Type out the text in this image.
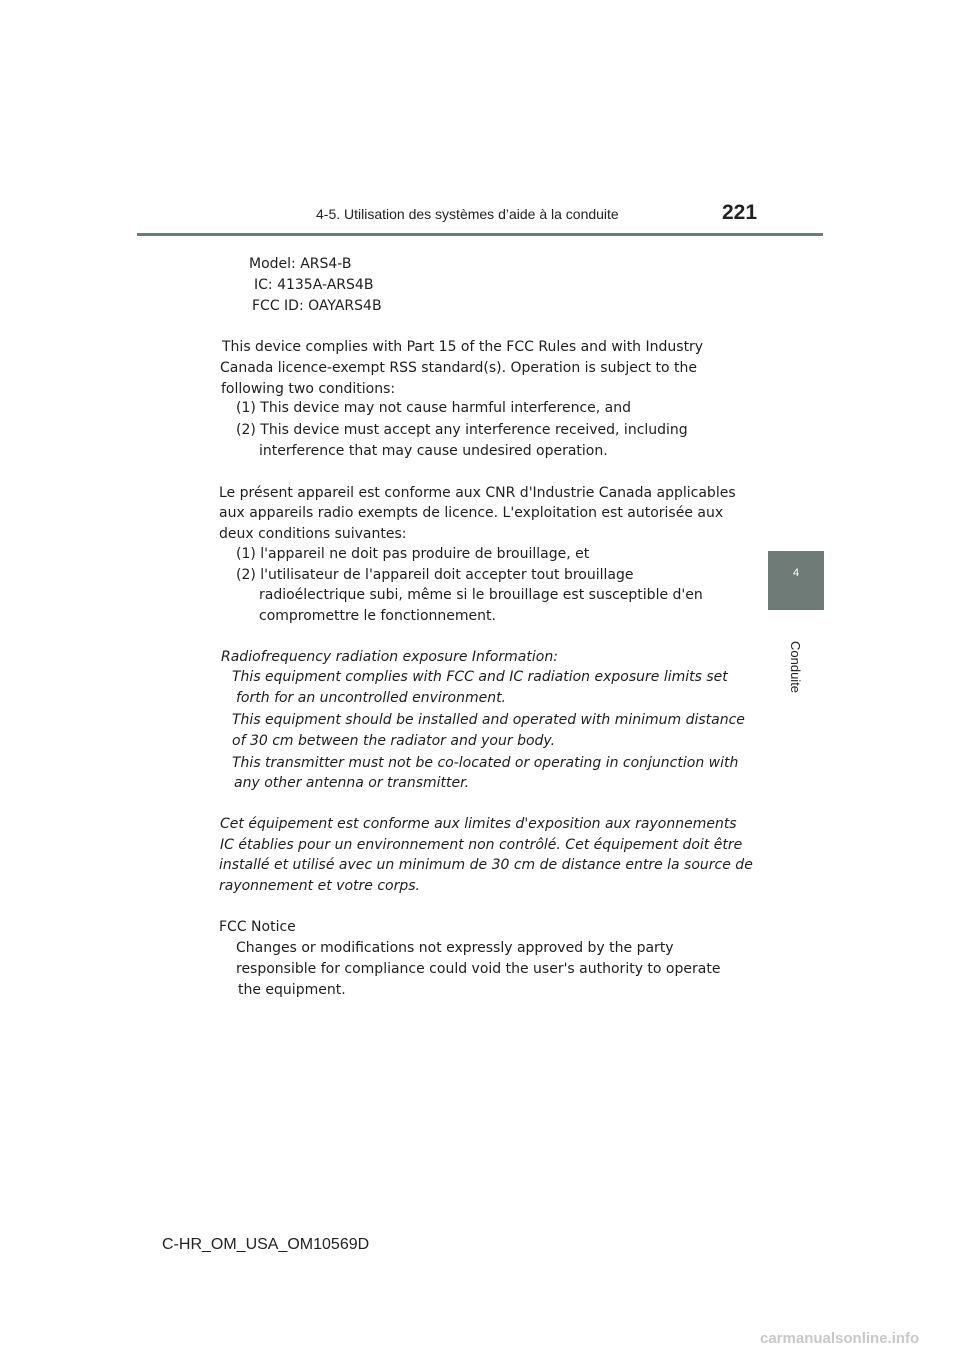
4-5. Utilisation des systèmes d’aide à la conduite	221
4
Conduite
Model: ARS4-B
IC: 4135A-ARS4B
FCC ID: OAYARS4B
This device complies with Part 15 of the FCC Rules and with Industry
Canada licence-exempt RSS standard(s). Operation is subject to the
following two conditions:
(1) This device may not cause harmful interference, and
(2) This device must accept any interference received, including
interference that may cause undesired operation.
Le présent appareil est conforme aux CNR d'Industrie Canada applicables
aux appareils radio exempts de licence. L'exploitation est autorisée aux
deux conditions suivantes:
(1) l'appareil ne doit pas produire de brouillage, et
(2) l'utilisateur de l'appareil doit accepter tout brouillage
radioélectrique subi, même si le brouillage est susceptible d'en
compromettre le fonctionnement.
Radiofrequency radiation exposure Information:
This equipment complies with FCC and IC radiation exposure limits set
forth for an uncontrolled environment.
This equipment should be installed and operated with minimum distance
of 30 cm between the radiator and your body.
This transmitter must not be co-located or operating in conjunction with
any other antenna or transmitter.
Cet équipement est conforme aux limites d'exposition aux rayonnements
IC établies pour un environnement non contrôlé. Cet équipement doit être
installé et utilisé avec un minimum de 30 cm de distance entre la source de
rayonnement et votre corps.
FCC Notice
Changes or modifications not expressly approved by the party
responsible for compliance could void the user's authority to operate
the equipment.
C-HR_OM_USA_OM10569D
carmanualsonline.info
